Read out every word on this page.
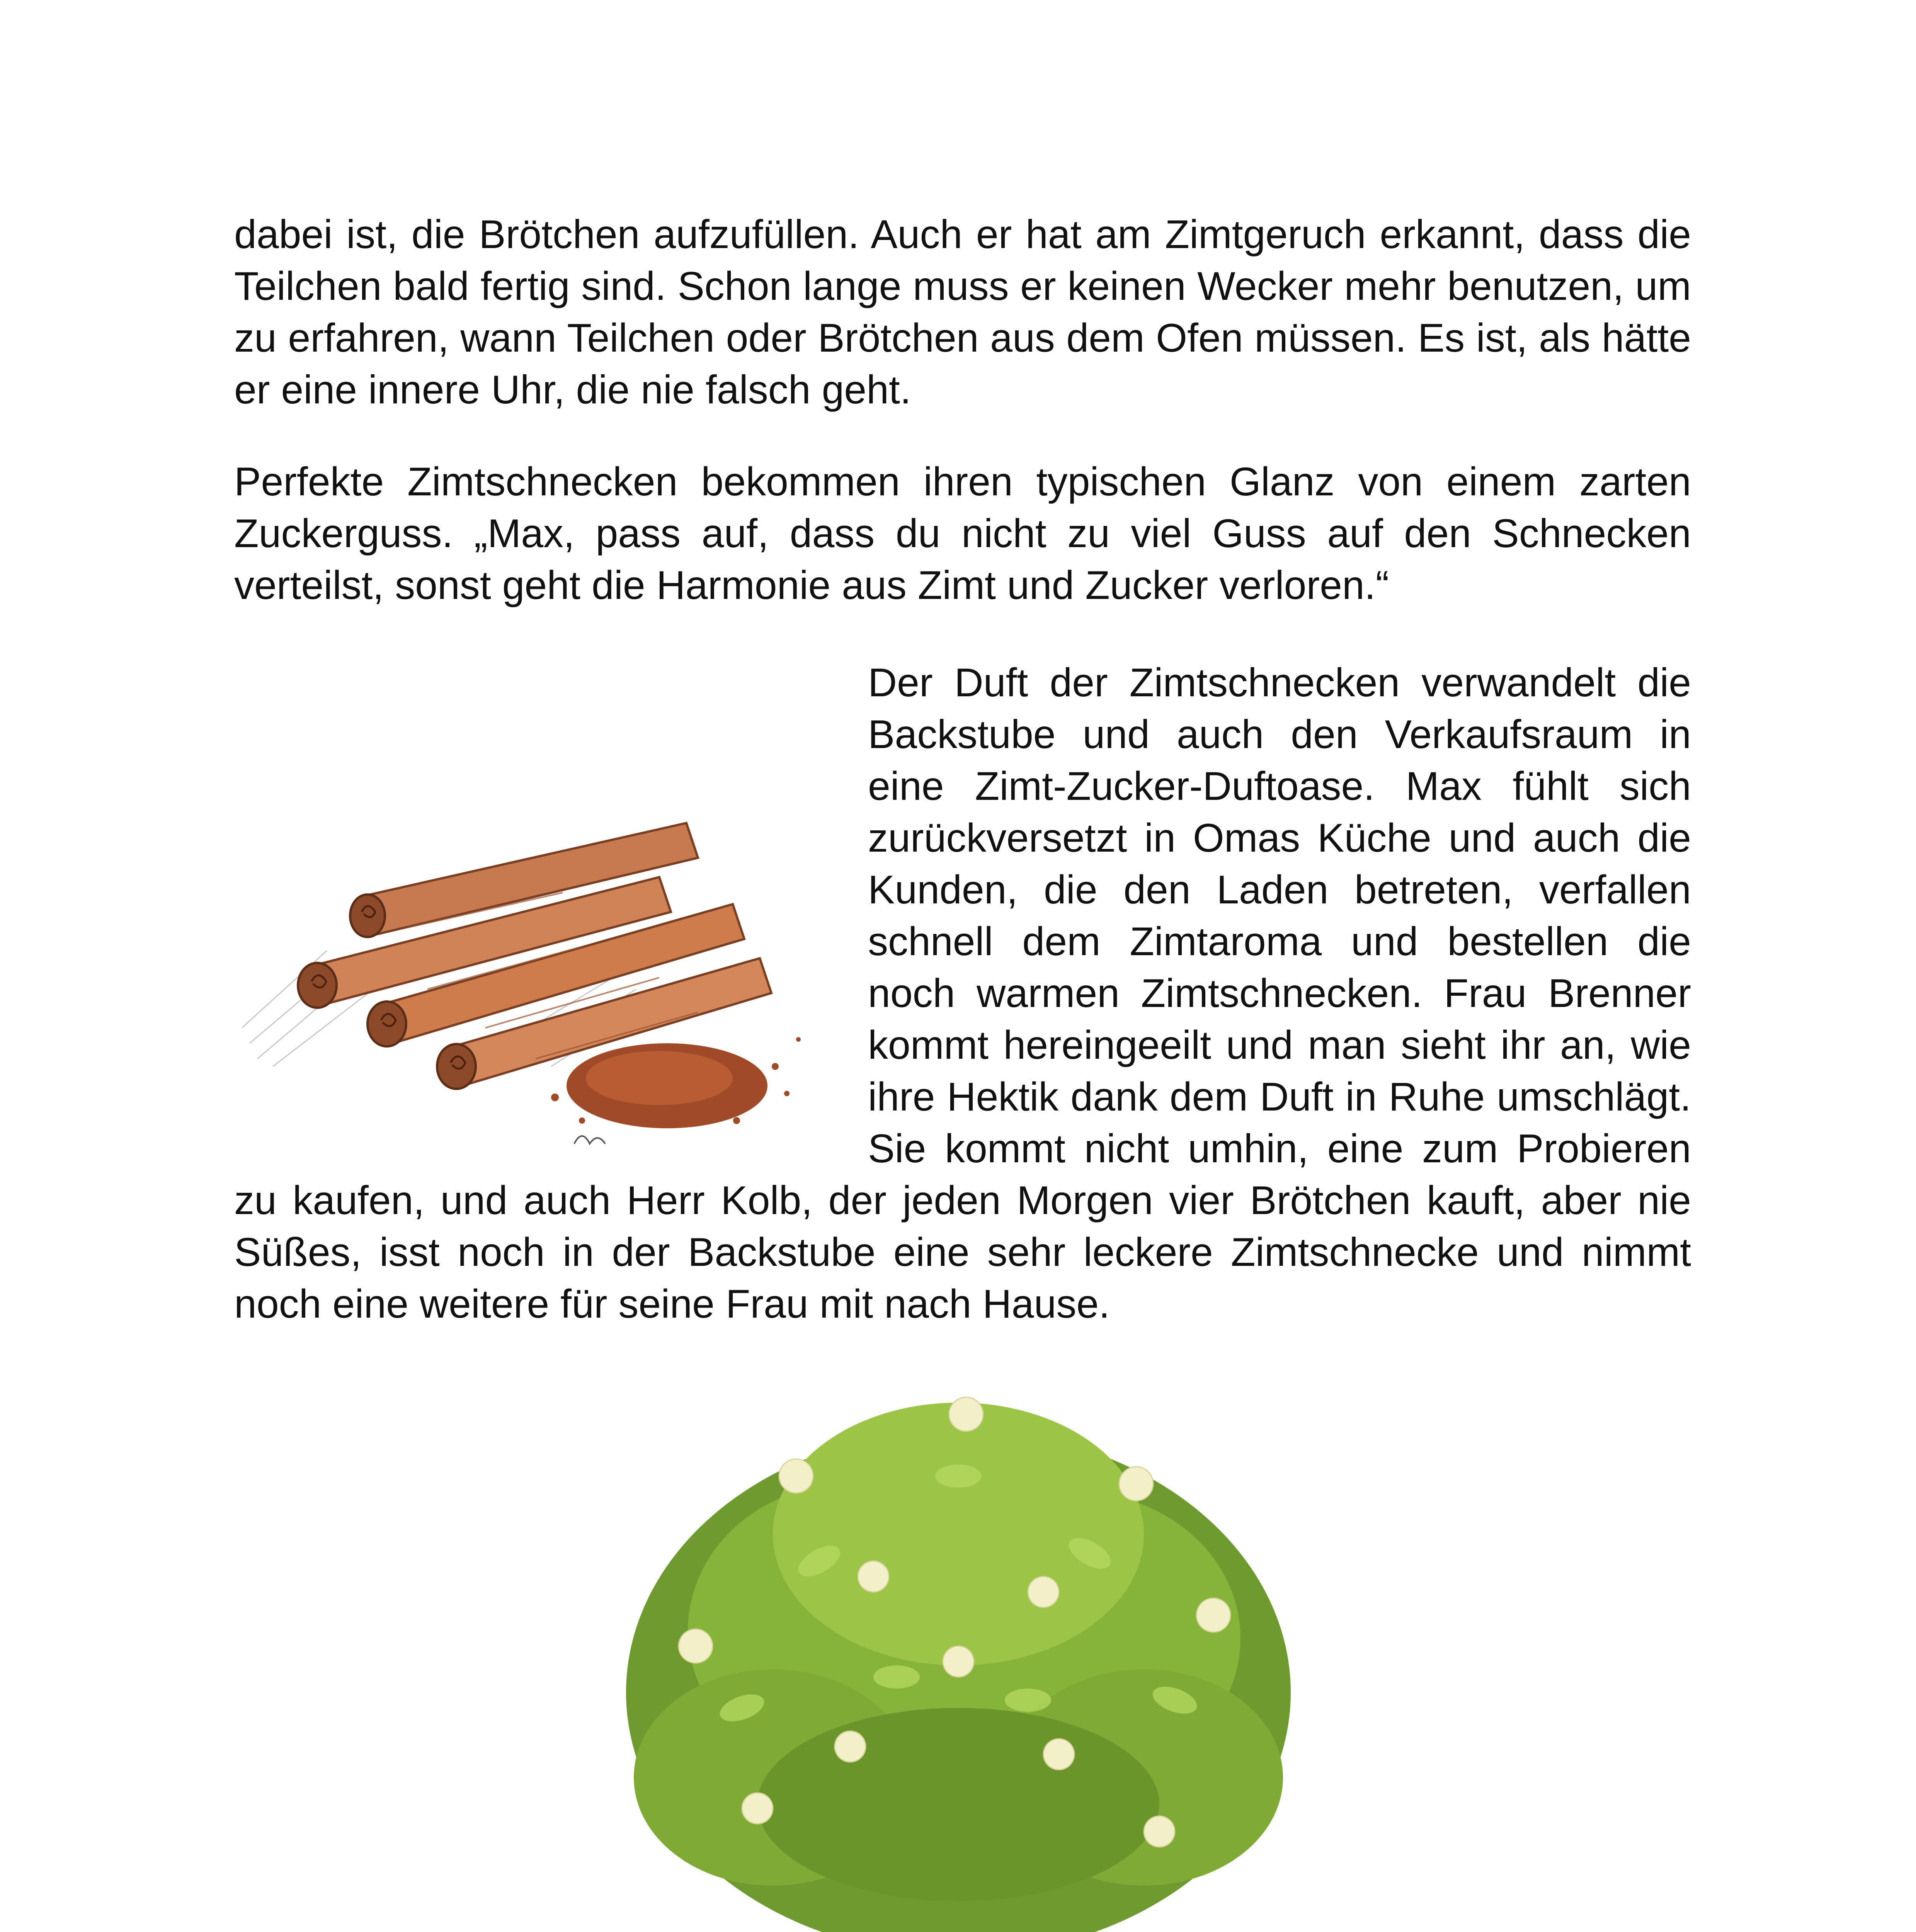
dabei ist, die Brötchen aufzufüllen. Auch er hat am Zimtgeruch erkannt, dass die Teilchen bald fertig sind. Schon lange muss er keinen Wecker mehr benutzen, um zu erfahren, wann Teilchen oder Brötchen aus dem Ofen müssen. Es ist, als hätte er eine innere Uhr, die nie falsch geht.

Perfekte Zimtschnecken bekommen ihren typischen Glanz von einem zarten Zuckerguss. „Max, pass auf, dass du nicht zu viel Guss auf den Schnecken verteilst, sonst geht die Harmonie aus Zimt und Zucker verloren.“

Der Duft der Zimtschnecken verwandelt die Backstube und auch den Verkaufsraum in eine Zimt-Zucker-Duftoase. Max fühlt sich zurückversetzt in Omas Küche und auch die Kunden, die den Laden betreten, verfallen schnell dem Zimtaroma und bestellen die noch warmen Zimtschnecken. Frau Brenner kommt hereingeeilt und man sieht ihr an, wie ihre Hektik dank dem Duft in Ruhe umschlägt. Sie kommt nicht umhin, eine zum Probieren zu kaufen, und auch Herr Kolb, der jeden Morgen vier Brötchen kauft, aber nie Süßes, isst noch in der Backstube eine sehr leckere Zimtschnecke und nimmt noch eine weitere für seine Frau mit nach Hause.
